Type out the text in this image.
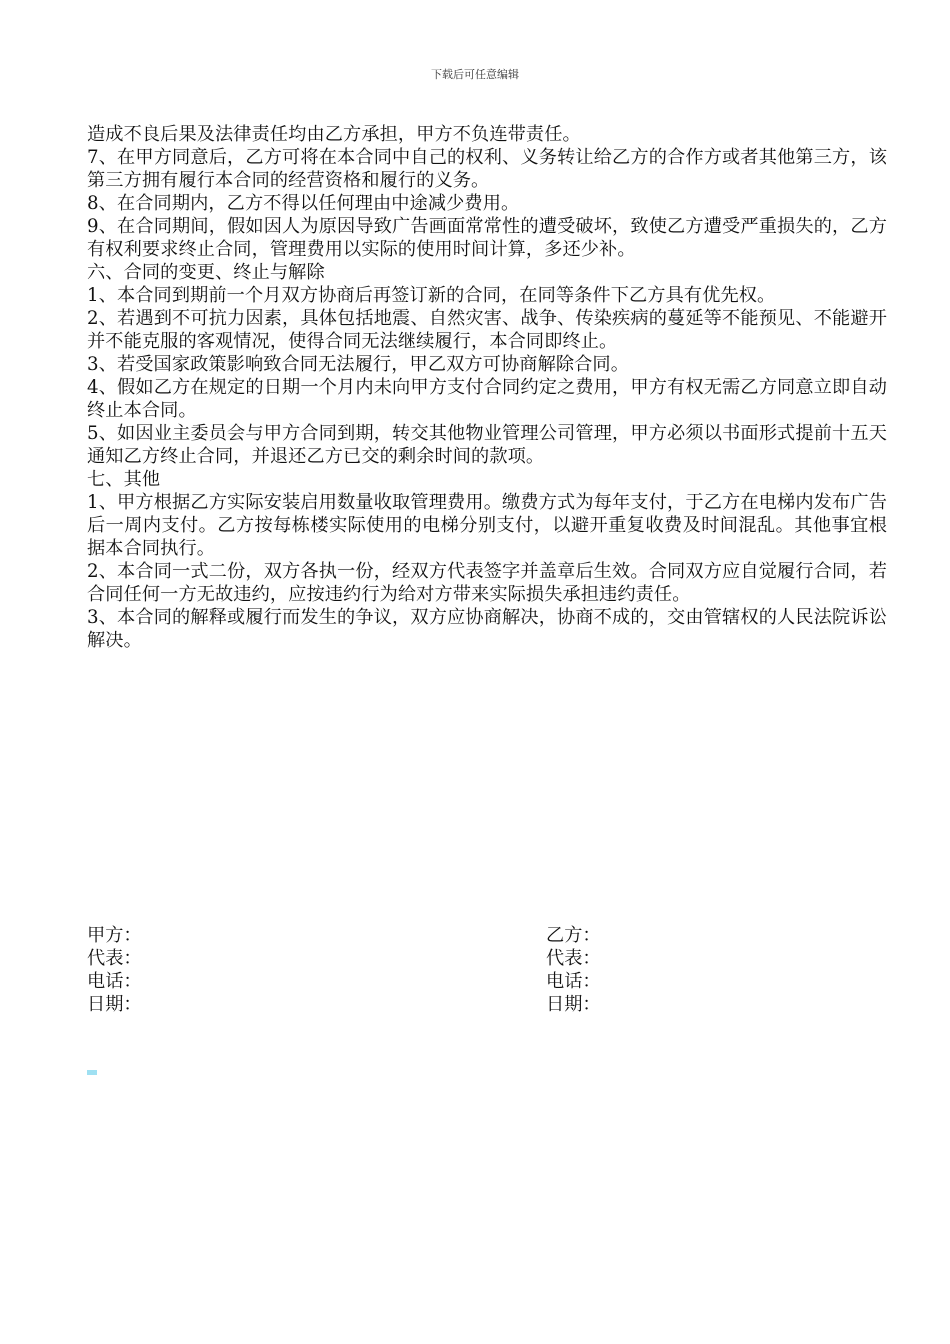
下载后可任意编辑

造成不良后果及法律责任均由乙方承担，甲方不负连带责任。

7、在甲方同意后，乙方可将在本合同中自己的权利、义务转让给乙方的合作方或者其他第三方，该第三方拥有履行本合同的经营资格和履行的义务。

8、在合同期内，乙方不得以任何理由中途减少费用。

9、在合同期间，假如因人为原因导致广告画面常常性的遭受破坏，致使乙方遭受严重损失的，乙方有权利要求终止合同，管理费用以实际的使用时间计算，多还少补。

六、合同的变更、终止与解除

1、本合同到期前一个月双方协商后再签订新的合同，在同等条件下乙方具有优先权。

2、若遇到不可抗力因素，具体包括地震、自然灾害、战争、传染疾病的蔓延等不能预见、不能避开并不能克服的客观情况，使得合同无法继续履行，本合同即终止。

3、若受国家政策影响致合同无法履行，甲乙双方可协商解除合同。

4、假如乙方在规定的日期一个月内未向甲方支付合同约定之费用，甲方有权无需乙方同意立即自动终止本合同。

5、如因业主委员会与甲方合同到期，转交其他物业管理公司管理，甲方必须以书面形式提前十五天通知乙方终止合同，并退还乙方已交的剩余时间的款项。

七、其他

1、甲方根据乙方实际安装启用数量收取管理费用。缴费方式为每年支付，于乙方在电梯内发布广告后一周内支付。乙方按每栋楼实际使用的电梯分别支付，以避开重复收费及时间混乱。其他事宜根据本合同执行。

2、本合同一式二份，双方各执一份，经双方代表签字并盖章后生效。合同双方应自觉履行合同，若合同任何一方无故违约，应按违约行为给对方带来实际损失承担违约责任。

3、本合同的解释或履行而发生的争议，双方应协商解决，协商不成的，交由管辖权的人民法院诉讼解决。

甲方：
代表：
电话：
日期：
乙方：
代表：
电话：
日期：
